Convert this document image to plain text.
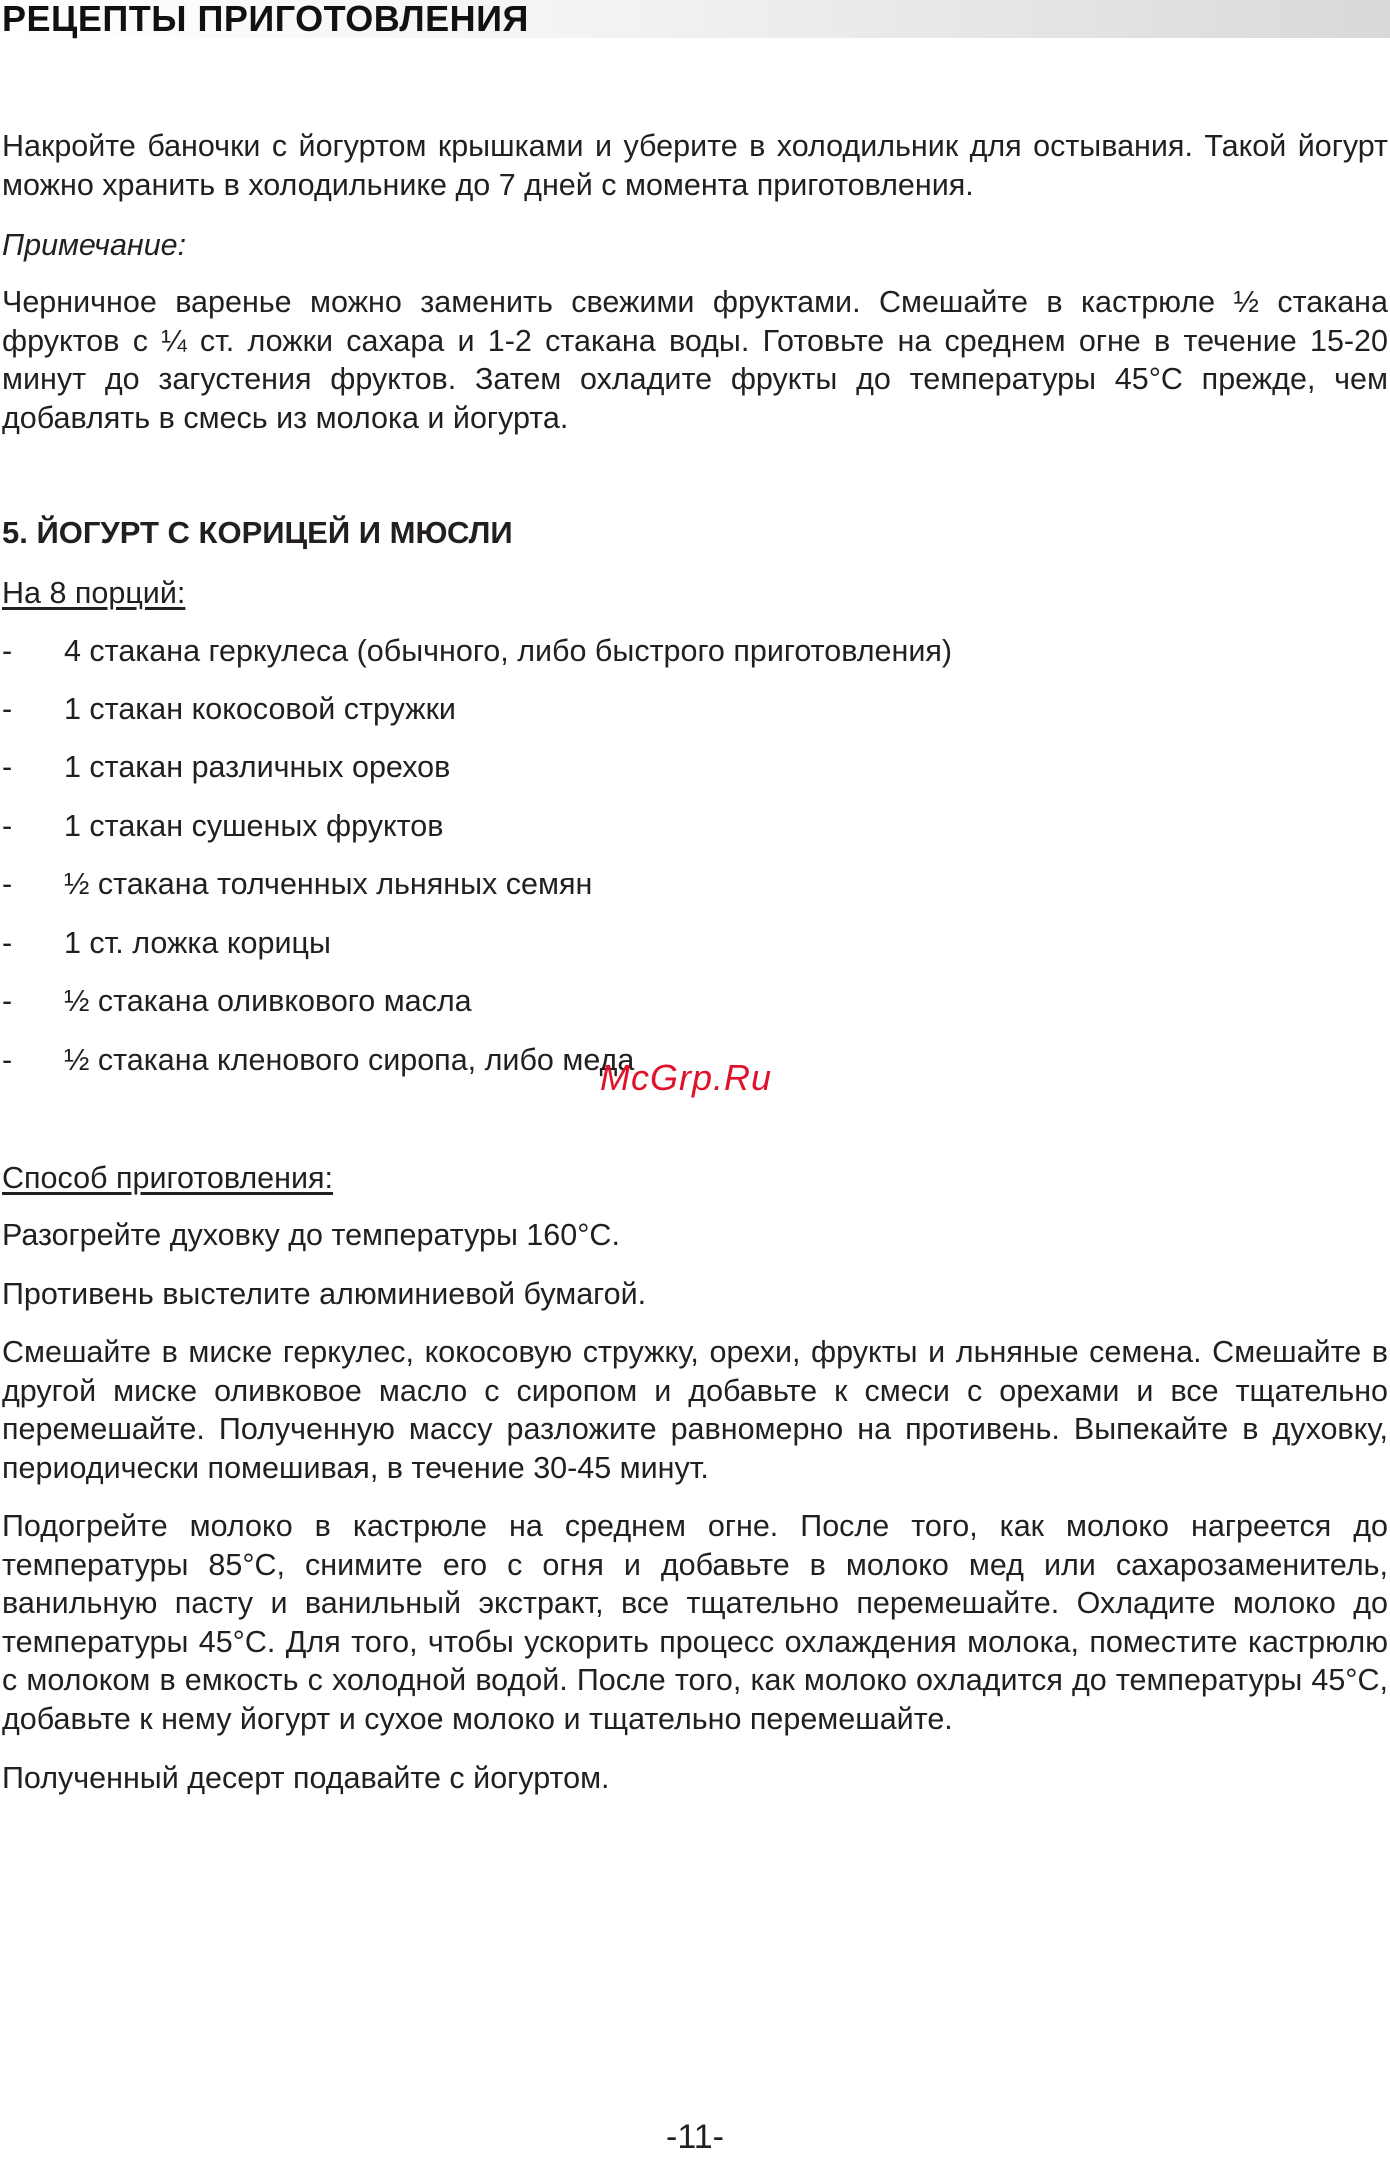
РЕЦЕПТЫ ПРИГОТОВЛЕНИЯ

Накройте баночки с йогуртом крышками и уберите в холодильник для остывания. Такой йогурт можно хранить в холодильнике до 7 дней с момента приготовления.

Примечание:

Черничное варенье можно заменить свежими фруктами. Смешайте в кастрюле ½ стакана фруктов с ¼ ст. ложки сахара и 1-2 стакана воды. Готовьте на среднем огне в течение 15-20 минут до загустения фруктов. Затем охладите фрукты до температуры 45°С прежде, чем добавлять в смесь из молока и йогурта.

5. ЙОГУРТ С КОРИЦЕЙ И МЮСЛИ

На 8 порций:

- 4 стакана геркулеса (обычного, либо быстрого приготовления)
- 1 стакан кокосовой стружки
- 1 стакан различных орехов
- 1 стакан сушеных фруктов
- ½ стакана толченных льняных семян
- 1 ст. ложка корицы
- ½ стакана оливкового масла
- ½ стакана кленового сиропа, либо меда
McGrp.Ru

Способ приготовления:

Разогрейте духовку до температуры 160°С.

Противень выстелите алюминиевой бумагой.

Смешайте в миске геркулес, кокосовую стружку, орехи, фрукты и льняные семена. Смешайте в другой миске оливковое масло с сиропом и добавьте к смеси с орехами и все тщательно перемешайте. Полученную массу разложите равномерно на противень. Выпекайте в духовку, периодически помешивая, в течение 30-45 минут.

Подогрейте молоко в кастрюле на среднем огне. После того, как молоко нагреется до температуры 85°С, снимите его с огня и добавьте в молоко мед или сахарозаменитель, ванильную пасту и ванильный экстракт, все тщательно перемешайте. Охладите молоко до температуры 45°С. Для того, чтобы ускорить процесс охлаждения молока, поместите кастрюлю с молоком в емкость с холодной водой. После того, как молоко охладится до температуры 45°С, добавьте к нему йогурт и сухое молоко и тщательно перемешайте.

Полученный десерт подавайте с йогуртом.

-11-
